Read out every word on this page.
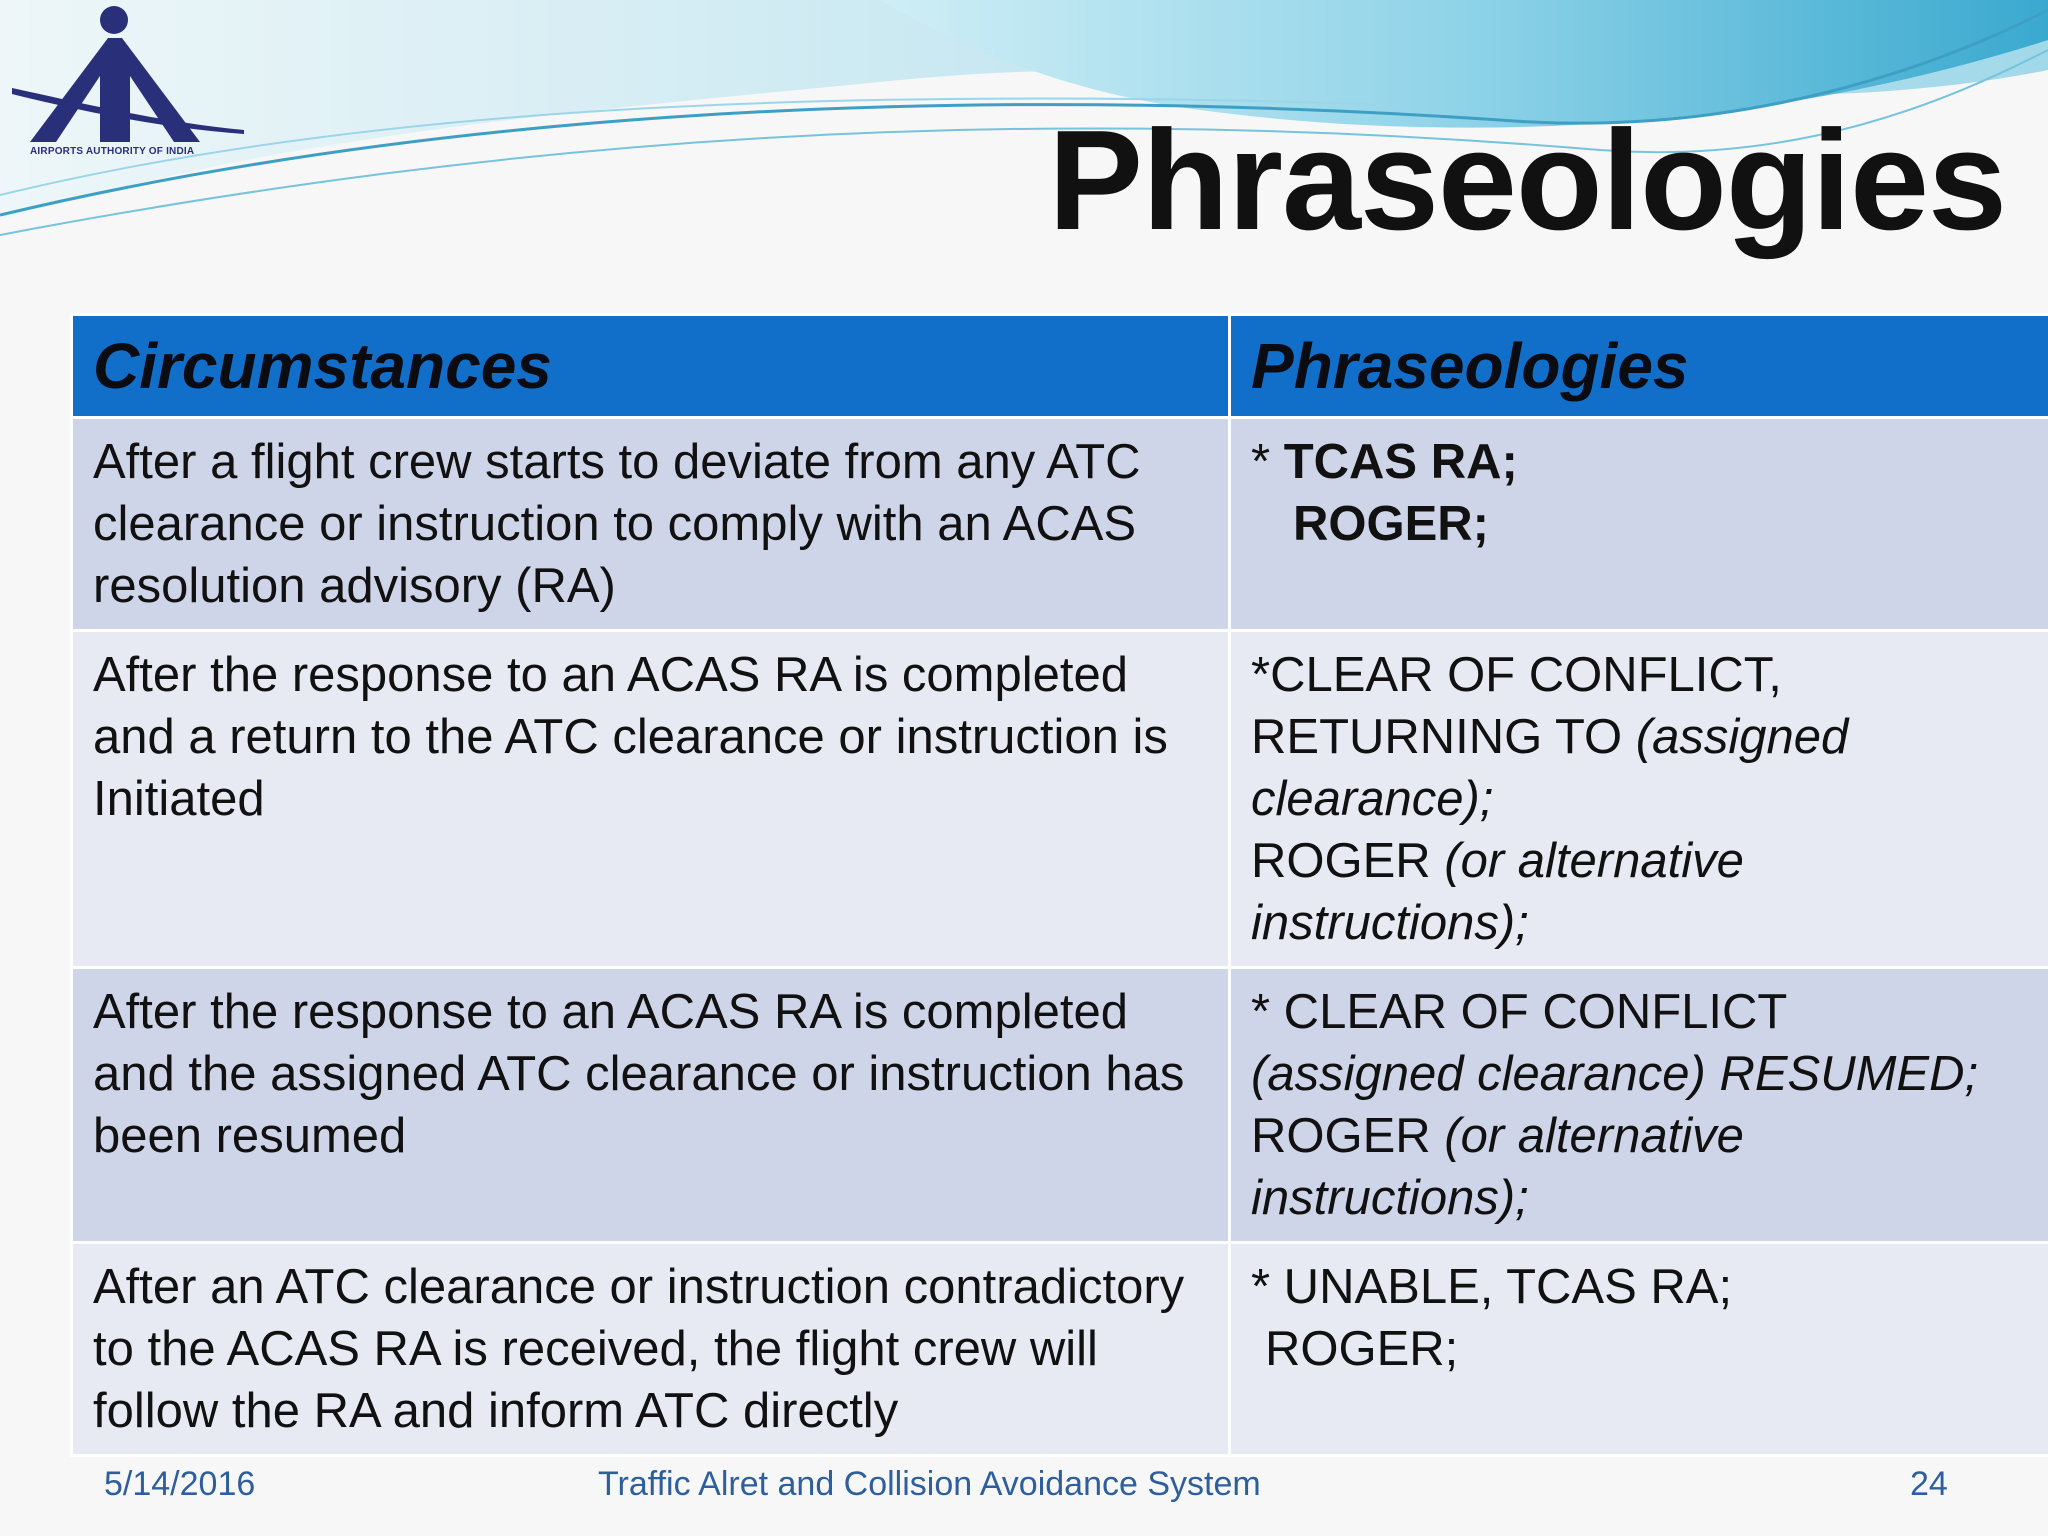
AIRPORTS AUTHORITY OF INDIA	Phraseologies
Circumstances	Phraseologies
After a flight crew starts to deviate from any ATC clearance or instruction to comply with an ACAS resolution advisory (RA)	* TCAS RA;
ROGER;

After the response to an ACAS RA is completed and a return to the ATC clearance or instruction is Initiated	*CLEAR OF CONFLICT,
RETURNING TO (assigned
clearance);
ROGER (or alternative
instructions);

After the response to an ACAS RA is completed and the assigned ATC clearance or instruction has been resumed	* CLEAR OF CONFLICT
(assigned clearance) RESUMED;
ROGER (or alternative
instructions);

After an ATC clearance or instruction contradictory to the ACAS RA is received, the flight crew will follow the RA and inform ATC directly	* UNABLE, TCAS RA;
ROGER;
5/14/2016	Traffic Alret and Collision Avoidance System	24
